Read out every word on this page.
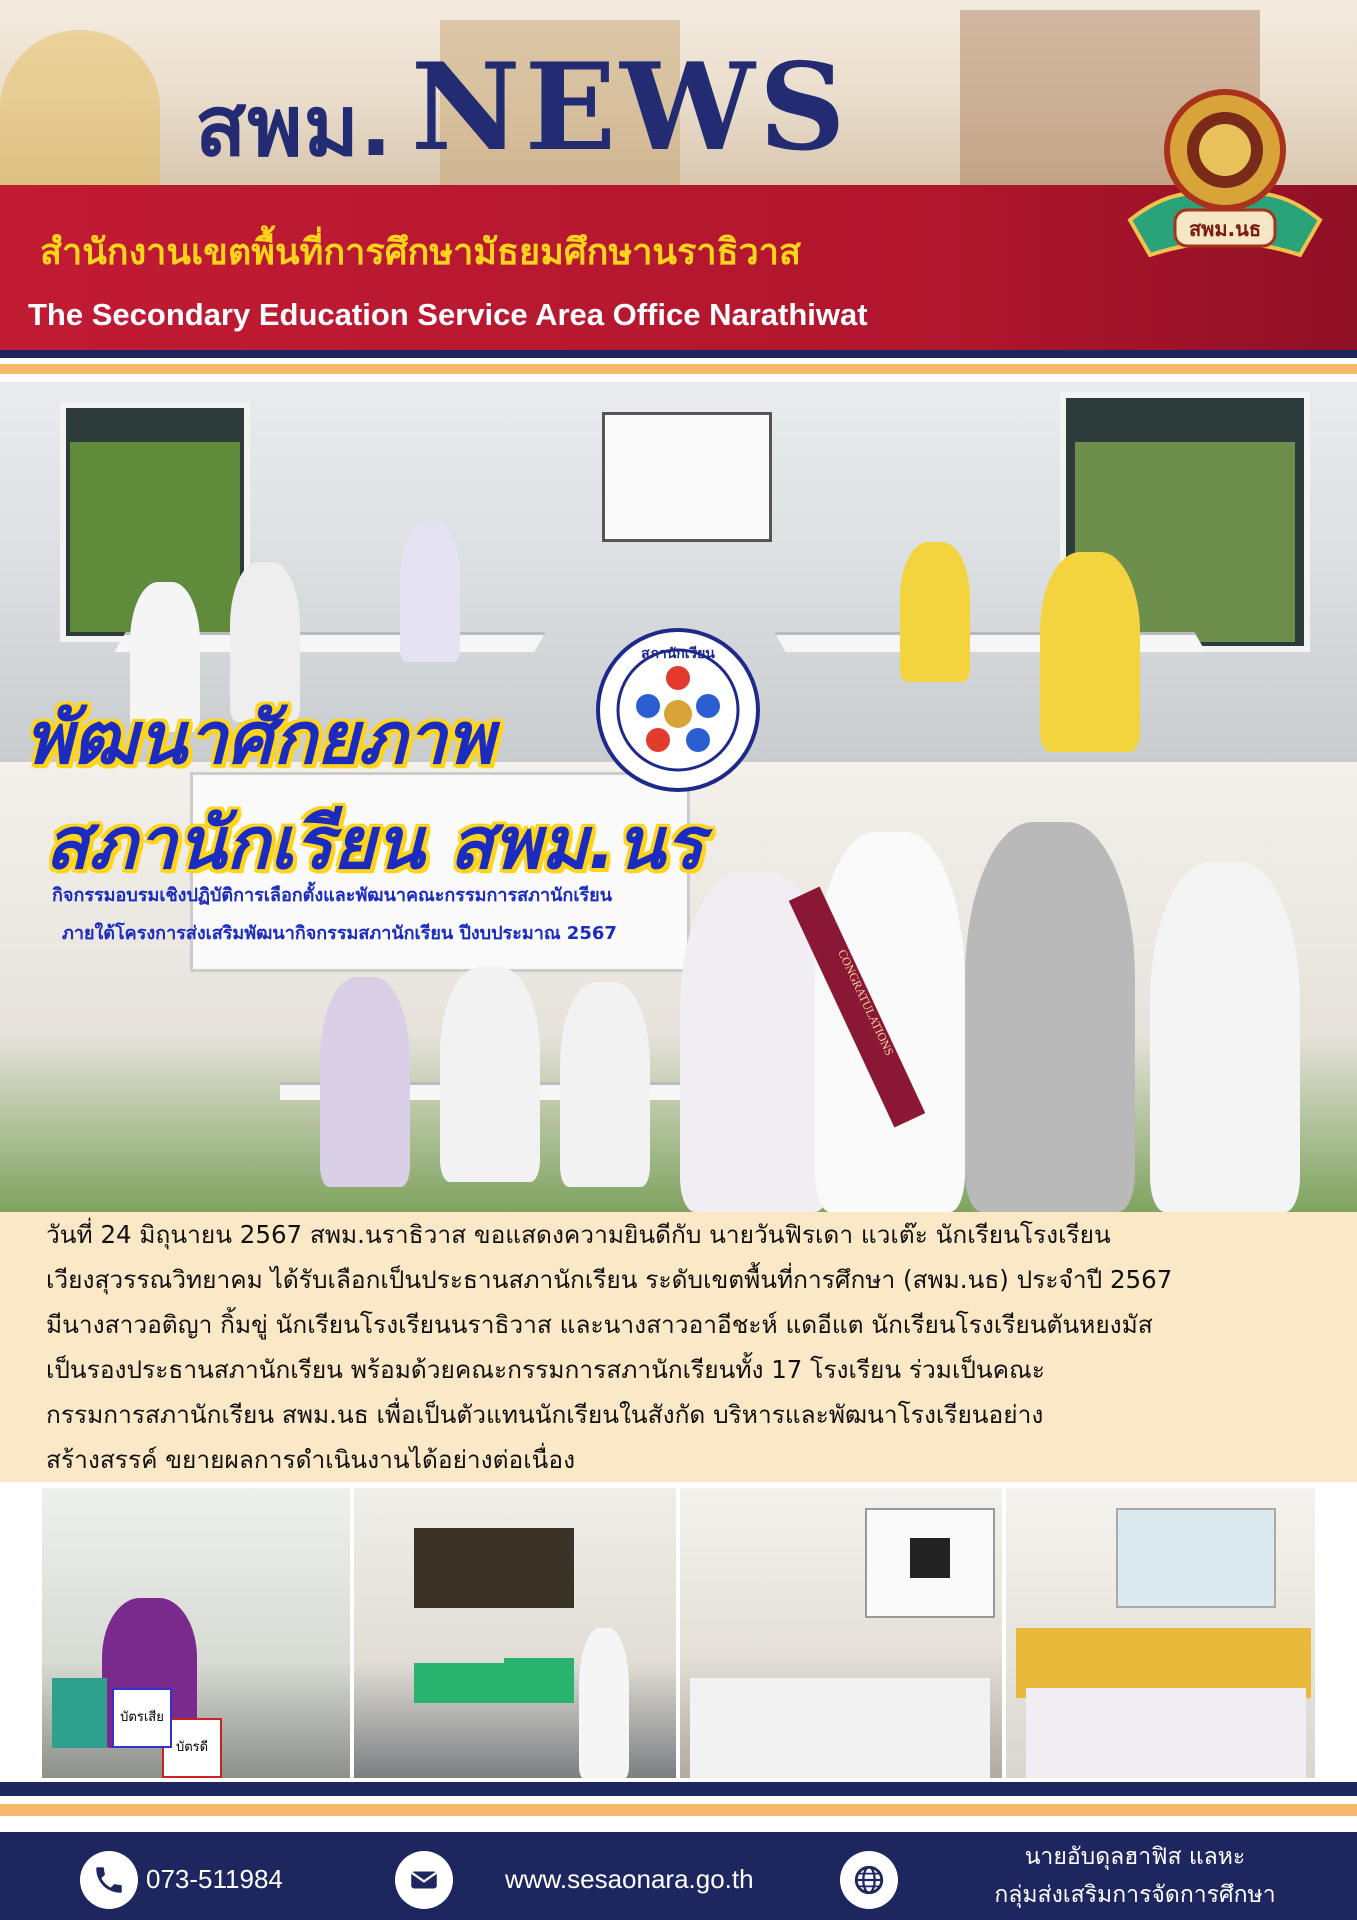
สพม. NEWS
สำนักงานเขตพื้นที่การศึกษามัธยมศึกษานราธิวาส
The Secondary Education Service Area Office Narathiwat
สพม.นธ
CONGRATULATIONS
สภานักเรียน
พัฒนาศักยภาพ
สภานักเรียน สพม.นร
กิจกรรมอบรมเชิงปฏิบัติการเลือกตั้งและพัฒนาคณะกรรมการสภานักเรียน
ภายใต้โครงการส่งเสริมพัฒนากิจกรรมสภานักเรียน ปีงบประมาณ 2567
วันที่ 24 มิถุนายน 2567 สพม.นราธิวาส ขอแสดงความยินดีกับ นายวันฟิรเดา แวเต๊ะ นักเรียนโรงเรียน
เวียงสุวรรณวิทยาคม ได้รับเลือกเป็นประธานสภานักเรียน ระดับเขตพื้นที่การศึกษา (สพม.นธ) ประจำปี 2567
มีนางสาวอติญา กิ้มขู่ นักเรียนโรงเรียนนราธิวาส และนางสาวอาอีชะห์ แดอีแต นักเรียนโรงเรียนตันหยงมัส
เป็นรองประธานสภานักเรียน พร้อมด้วยคณะกรรมการสภานักเรียนทั้ง 17 โรงเรียน ร่วมเป็นคณะ
กรรมการสภานักเรียน สพม.นธ เพื่อเป็นตัวแทนนักเรียนในสังกัด บริหารและพัฒนาโรงเรียนอย่าง
สร้างสรรค์ ขยายผลการดำเนินงานได้อย่างต่อเนื่อง
บัตรดี
บัตรเสีย
073-511984	www.sesaonara.go.th
นายอับดุลฮาฟิส แลหะ
กลุ่มส่งเสริมการจัดการศึกษา
